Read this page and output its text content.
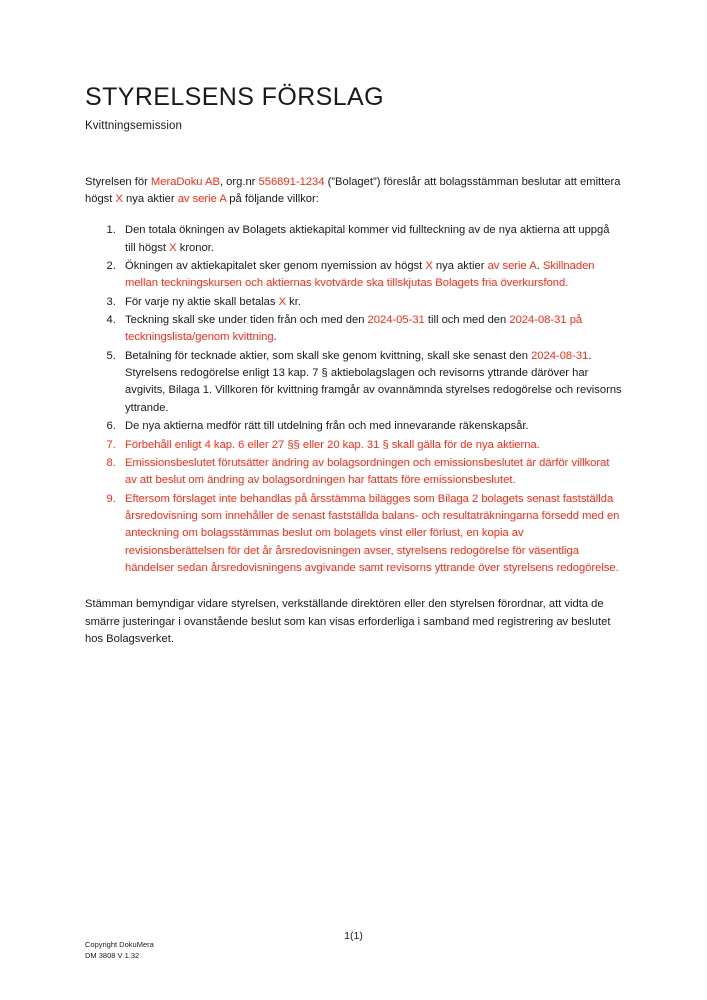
STYRELSENS FÖRSLAG
Kvittningsemission

Styrelsen för MeraDoku AB, org.nr 556891-1234 (”Bolaget”) föreslår att bolagsstämman beslutar att emittera högst X nya aktier av serie A på följande villkor:

1. Den totala ökningen av Bolagets aktiekapital kommer vid fullteckning av de nya aktierna att uppgå till högst X kronor.
2. Ökningen av aktiekapitalet sker genom nyemission av högst X nya aktier av serie A. Skillnaden mellan teckningskursen och aktiernas kvotvärde ska tillskjutas Bolagets fria överkursfond.
3. För varje ny aktie skall betalas X kr.
4. Teckning skall ske under tiden från och med den 2024-05-31 till och med den 2024-08-31 på teckningslista/genom kvittning.
5. Betalning för tecknade aktier, som skall ske genom kvittning, skall ske senast den 2024-08-31. Styrelsens redogörelse enligt 13 kap. 7 § aktiebolagslagen och revisorns yttrande däröver har avgivits, Bilaga 1. Villkoren för kvittning framgår av ovannämnda styrelses redogörelse och revisorns yttrande.
6. De nya aktierna medför rätt till utdelning från och med innevarande räkenskapsår.
7. Förbehåll enligt 4 kap. 6 eller 27 §§ eller 20 kap. 31 § skall gälla för de nya aktierna.
8. Emissionsbeslutet förutsätter ändring av bolagsordningen och emissionsbeslutet är därför villkorat av att beslut om ändring av bolagsordningen har fattats före emissionsbeslutet.
9. Eftersom förslaget inte behandlas på årsstämma bilägges som Bilaga 2 bolagets senast fastställda årsredovisning som innehåller de senast fastställda balans- och resultaträkningarna försedd med en anteckning om bolagsstämmas beslut om bolagets vinst eller förlust, en kopia av revisionsberättelsen för det år årsredovisningen avser, styrelsens redogörelse för väsentliga händelser sedan årsredovisningens avgivande samt revisorns yttrande över styrelsens redogörelse.

Stämman bemyndigar vidare styrelsen, verkställande direktören eller den styrelsen förordnar, att vidta de smärre justeringar i ovanstående beslut som kan visas erforderliga i samband med registrering av beslutet hos Bolagsverket.

1(1)
Copyright DokuMera
DM 3808 V 1.32
